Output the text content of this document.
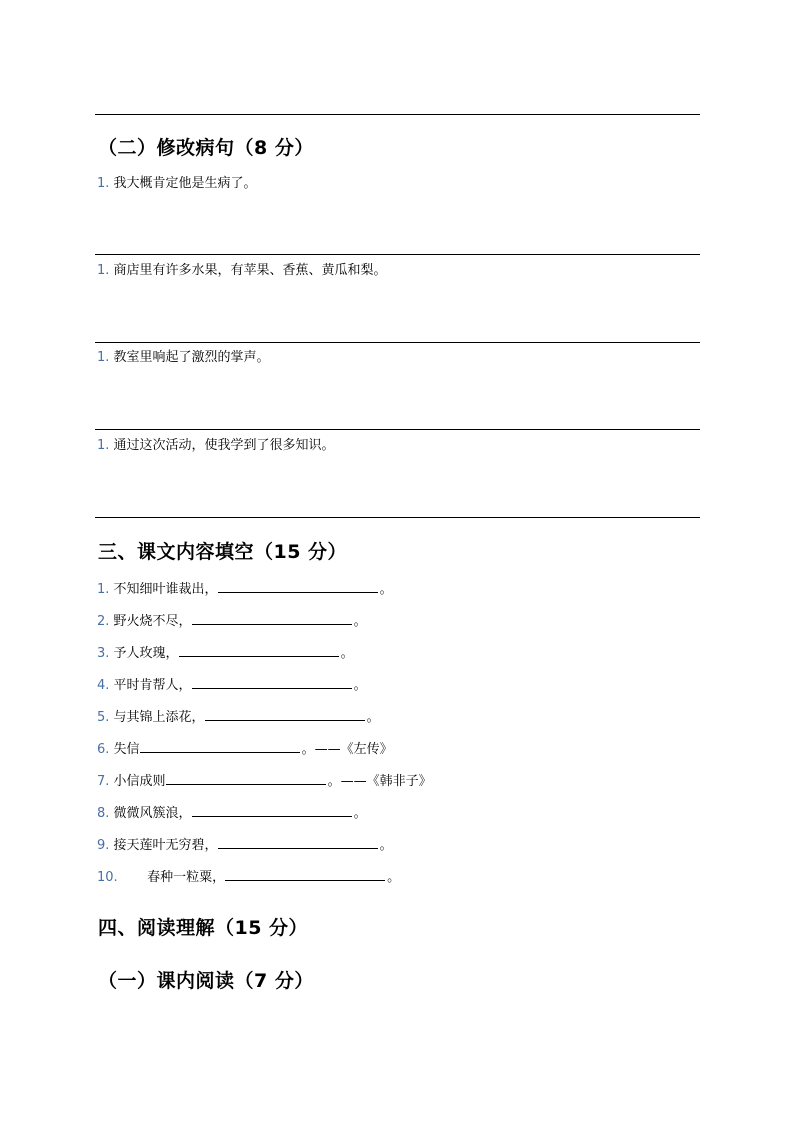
（二）修改病句（8 分）
1. 我大概肯定他是生病了。
1. 商店里有许多水果，有苹果、香蕉、黄瓜和梨。
1. 教室里响起了激烈的掌声。
1. 通过这次活动，使我学到了很多知识。
三、课文内容填空（15 分）
1. 不知细叶谁裁出，	。
2. 野火烧不尽，	。
3. 予人玫瑰，	。
4. 平时肯帮人，	。
5. 与其锦上添花，	。
6. 失信	。——《左传》
7. 小信成则	。——《韩非子》
8. 微微风簇浪，	。
9. 接天莲叶无穷碧，	。
10. 春种一粒粟，	。
四、阅读理解（15 分）
（一）课内阅读（7 分）
